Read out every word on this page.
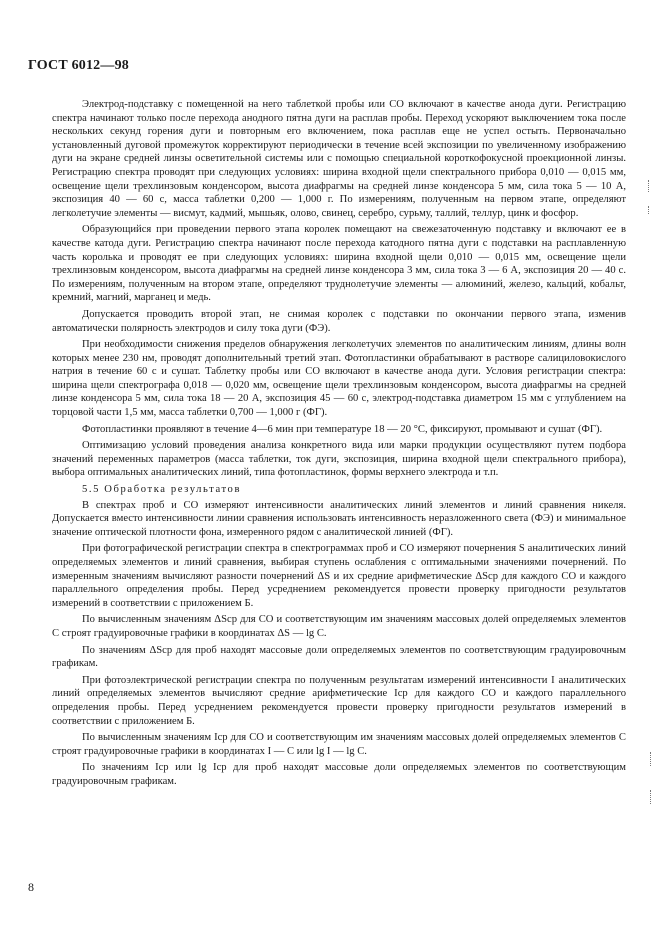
ГОСТ 6012—98

Электрод-подставку с помещенной на него таблеткой пробы или СО включают в качестве анода дуги. Регистрацию спектра начинают только после перехода анодного пятна дуги на расплав пробы. Переход ускоряют выключением тока после нескольких секунд горения дуги и повторным его включением, пока расплав еще не успел остыть. Первоначально установленный дуговой промежуток корректируют периодически в течение всей экспозиции по увеличенному изображению дуги на экране средней линзы осветительной системы или с помощью специальной короткофокусной проекционной линзы. Регистрацию спектра проводят при следующих условиях: ширина входной щели спектрального прибора 0,010 — 0,015 мм, освещение щели трехлинзовым конденсором, высота диафрагмы на средней линзе конденсора 5 мм, сила тока 5 — 10 А, экспозиция 40 — 60 с, масса таблетки 0,200 — 1,000 г. По измерениям, полученным на первом этапе, определяют легколетучие элементы — висмут, кадмий, мышьяк, олово, свинец, серебро, сурьму, таллий, теллур, цинк и фосфор.

Образующийся при проведении первого этапа королек помещают на свежезаточенную подставку и включают ее в качестве катода дуги. Регистрацию спектра начинают после перехода катодного пятна дуги с подставки на расплавленную часть королька и проводят ее при следующих условиях: ширина входной щели 0,010 — 0,015 мм, освещение щели трехлинзовым конденсором, высота диафрагмы на средней линзе конденсора 3 мм, сила тока 3 — 6 А, экспозиция 20 — 40 с. По измерениям, полученным на втором этапе, определяют труднолетучие элементы — алюминий, железо, кальций, кобальт, кремний, магний, марганец и медь.

Допускается проводить второй этап, не снимая королек с подставки по окончании первого этапа, изменив автоматически полярность электродов и силу тока дуги (ФЭ).

При необходимости снижения пределов обнаружения легколетучих элементов по аналитическим линиям, длины волн которых менее 230 нм, проводят дополнительный третий этап. Фотопластинки обрабатывают в растворе салициловокислого натрия в течение 60 с и сушат. Таблетку пробы или СО включают в качестве анода дуги. Условия регистрации спектра: ширина щели спектрографа 0,018 — 0,020 мм, освещение щели трехлинзовым конденсором, высота диафрагмы на средней линзе конденсора 5 мм, сила тока 18 — 20 А, экспозиция 45 — 60 с, электрод-подставка диаметром 15 мм с углублением на торцовой части 1,5 мм, масса таблетки 0,700 — 1,000 г (ФГ).

Фотопластинки проявляют в течение 4—6 мин при температуре 18 — 20 °С, фиксируют, промывают и сушат (ФГ).

Оптимизацию условий проведения анализа конкретного вида или марки продукции осуществляют путем подбора значений переменных параметров (масса таблетки, ток дуги, экспозиция, ширина входной щели спектрального прибора), выбора оптимальных аналитических линий, типа фотопластинок, формы верхнего электрода и т.п.

5.5 Обработка результатов

В спектрах проб и СО измеряют интенсивности аналитических линий элементов и линий сравнения никеля. Допускается вместо интенсивности линии сравнения использовать интенсивность неразложенного света (ФЭ) и минимальное значение оптической плотности фона, измеренного рядом с аналитической линией (ФГ).

При фотографической регистрации спектра в спектрограммах проб и СО измеряют почернения S аналитических линий определяемых элементов и линий сравнения, выбирая ступень ослабления с оптимальными значениями почернений. По измеренным значениям вычисляют разности почернений ΔS и их средние арифметические ΔSср для каждого СО и каждого параллельного определения пробы. Перед усреднением рекомендуется провести проверку пригодности результатов измерений в соответствии с приложением Б.

По вычисленным значениям ΔSср для СО и соответствующим им значениям массовых долей определяемых элементов C строят градуировочные графики в координатах ΔS — lg C.

По значениям ΔSср для проб находят массовые доли определяемых элементов по соответствующим градуировочным графикам.

При фотоэлектрической регистрации спектра по полученным результатам измерений интенсивности I аналитических линий определяемых элементов вычисляют средние арифметические Iср для каждого СО и каждого параллельного определения пробы. Перед усреднением рекомендуется провести проверку пригодности результатов измерений в соответствии с приложением Б.

По вычисленным значениям Iср для СО и соответствующим им значениям массовых долей определяемых элементов C строят градуировочные графики в координатах I — C или lg I — lg C.

По значениям Iср или lg Iср для проб находят массовые доли определяемых элементов по соответствующим градуировочным графикам.

8
